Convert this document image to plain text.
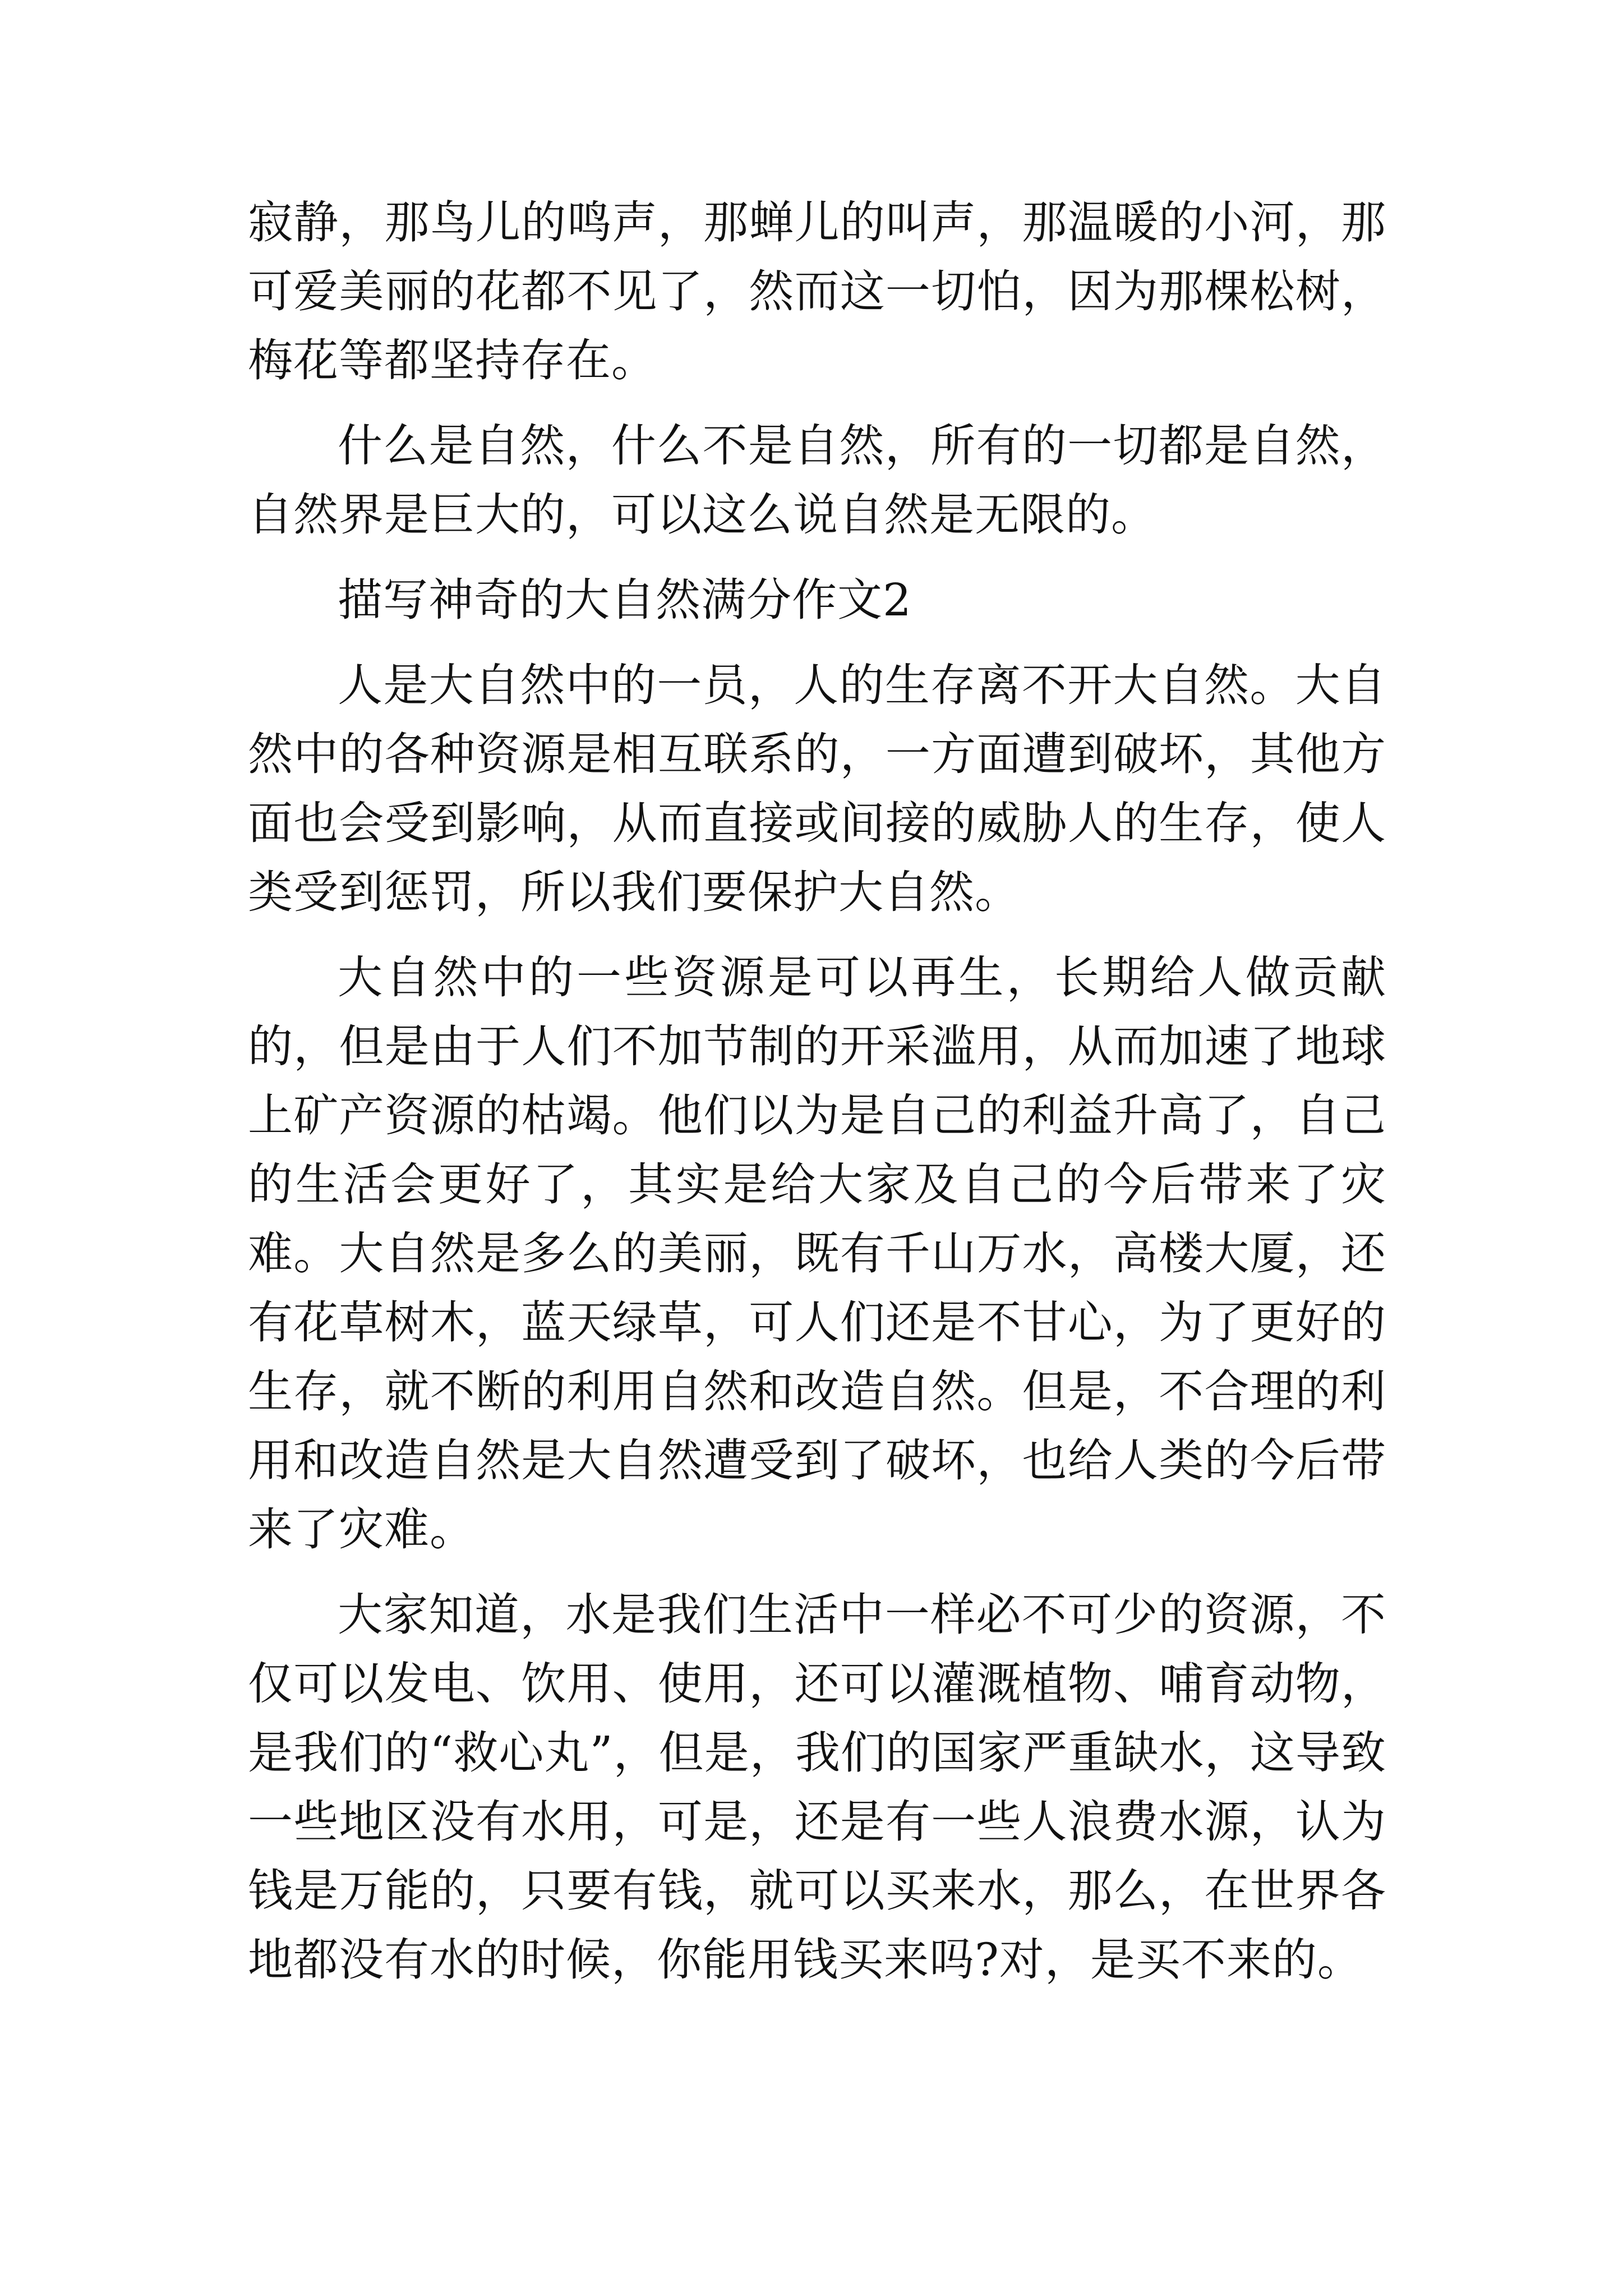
寂静，那鸟儿的鸣声，那蝉儿的叫声，那温暖的小河，那可爱美丽的花都不见了，然而这一切怕，因为那棵松树，梅花等都坚持存在。

什么是自然，什么不是自然，所有的一切都是自然，自然界是巨大的，可以这么说自然是无限的。

描写神奇的大自然满分作文2

人是大自然中的一员，人的生存离不开大自然。大自然中的各种资源是相互联系的，一方面遭到破坏，其他方面也会受到影响，从而直接或间接的威胁人的生存，使人类受到惩罚，所以我们要保护大自然。

大自然中的一些资源是可以再生，长期给人做贡献的，但是由于人们不加节制的开采滥用，从而加速了地球上矿产资源的枯竭。他们以为是自己的利益升高了，自己的生活会更好了，其实是给大家及自己的今后带来了灾难。大自然是多么的美丽，既有千山万水，高楼大厦，还有花草树木，蓝天绿草，可人们还是不甘心，为了更好的生存，就不断的利用自然和改造自然。但是，不合理的利用和改造自然是大自然遭受到了破坏，也给人类的今后带来了灾难。

大家知道，水是我们生活中一样必不可少的资源，不仅可以发电、饮用、使用，还可以灌溉植物、哺育动物，是我们的“救心丸”，但是，我们的国家严重缺水，这导致一些地区没有水用，可是，还是有一些人浪费水源，认为钱是万能的，只要有钱，就可以买来水，那么，在世界各地都没有水的时候，你能用钱买来吗?对，是买不来的。
